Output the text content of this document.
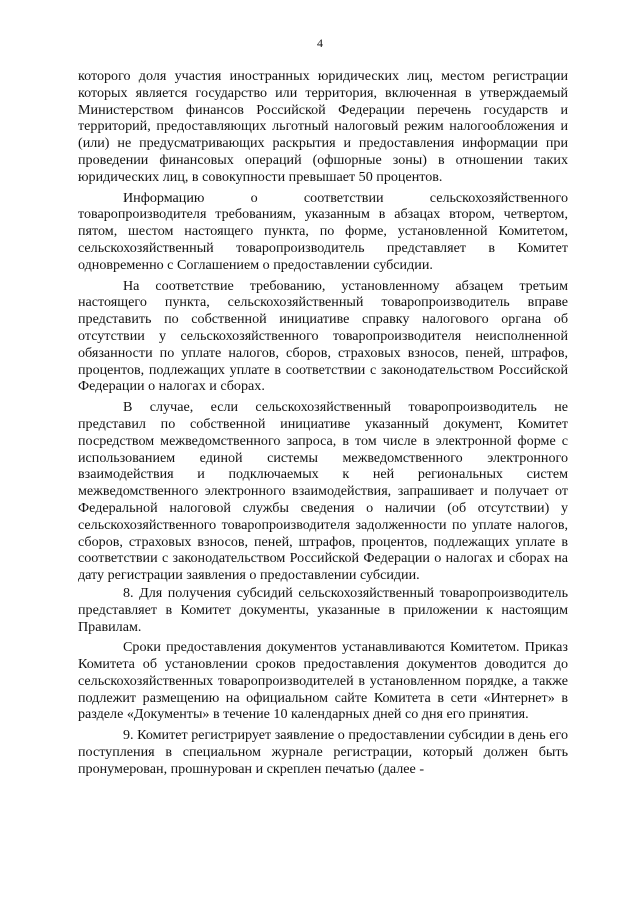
4

которого доля участия иностранных юридических лиц, местом регистрации которых является государство или территория, включенная в утверждаемый Министерством финансов Российской Федерации перечень государств и территорий, предоставляющих льготный налоговый режим налогообложения и (или) не предусматривающих раскрытия и предоставления информации при проведении финансовых операций (офшорные зоны) в отношении таких юридических лиц, в совокупности превышает 50 процентов.

Информацию о соответствии сельскохозяйственного товаропроизводителя требованиям, указанным в абзацах втором, четвертом, пятом, шестом настоящего пункта, по форме, установленной Комитетом, сельскохозяйственный товаропроизводитель представляет в Комитет одновременно с Соглашением о предоставлении субсидии.

На соответствие требованию, установленному абзацем третьим настоящего пункта, сельскохозяйственный товаропроизводитель вправе представить по собственной инициативе справку налогового органа об отсутствии у сельскохозяйственного товаропроизводителя неисполненной обязанности по уплате налогов, сборов, страховых взносов, пеней, штрафов, процентов, подлежащих уплате в соответствии с законодательством Российской Федерации о налогах и сборах.

В случае, если сельскохозяйственный товаропроизводитель не представил по собственной инициативе указанный документ, Комитет посредством межведомственного запроса, в том числе в электронной форме с использованием единой системы межведомственного электронного взаимодействия и подключаемых к ней региональных систем межведомственного электронного взаимодействия, запрашивает и получает от Федеральной налоговой службы сведения о наличии (об отсутствии) у сельскохозяйственного товаропроизводителя задолженности по уплате налогов, сборов, страховых взносов, пеней, штрафов, процентов, подлежащих уплате в соответствии с законодательством Российской Федерации о налогах и сборах на дату регистрации заявления о предоставлении субсидии.

8. Для получения субсидий сельскохозяйственный товаропроизводитель представляет в Комитет документы, указанные в приложении к настоящим Правилам.

Сроки предоставления документов устанавливаются Комитетом. Приказ Комитета об установлении сроков предоставления документов доводится до сельскохозяйственных товаропроизводителей в установленном порядке, а также подлежит размещению на официальном сайте Комитета в сети «Интернет» в разделе «Документы» в течение 10 календарных дней со дня его принятия.

9. Комитет регистрирует заявление о предоставлении субсидии в день его поступления в специальном журнале регистрации, который должен быть пронумерован, прошнурован и скреплен печатью (далее -
